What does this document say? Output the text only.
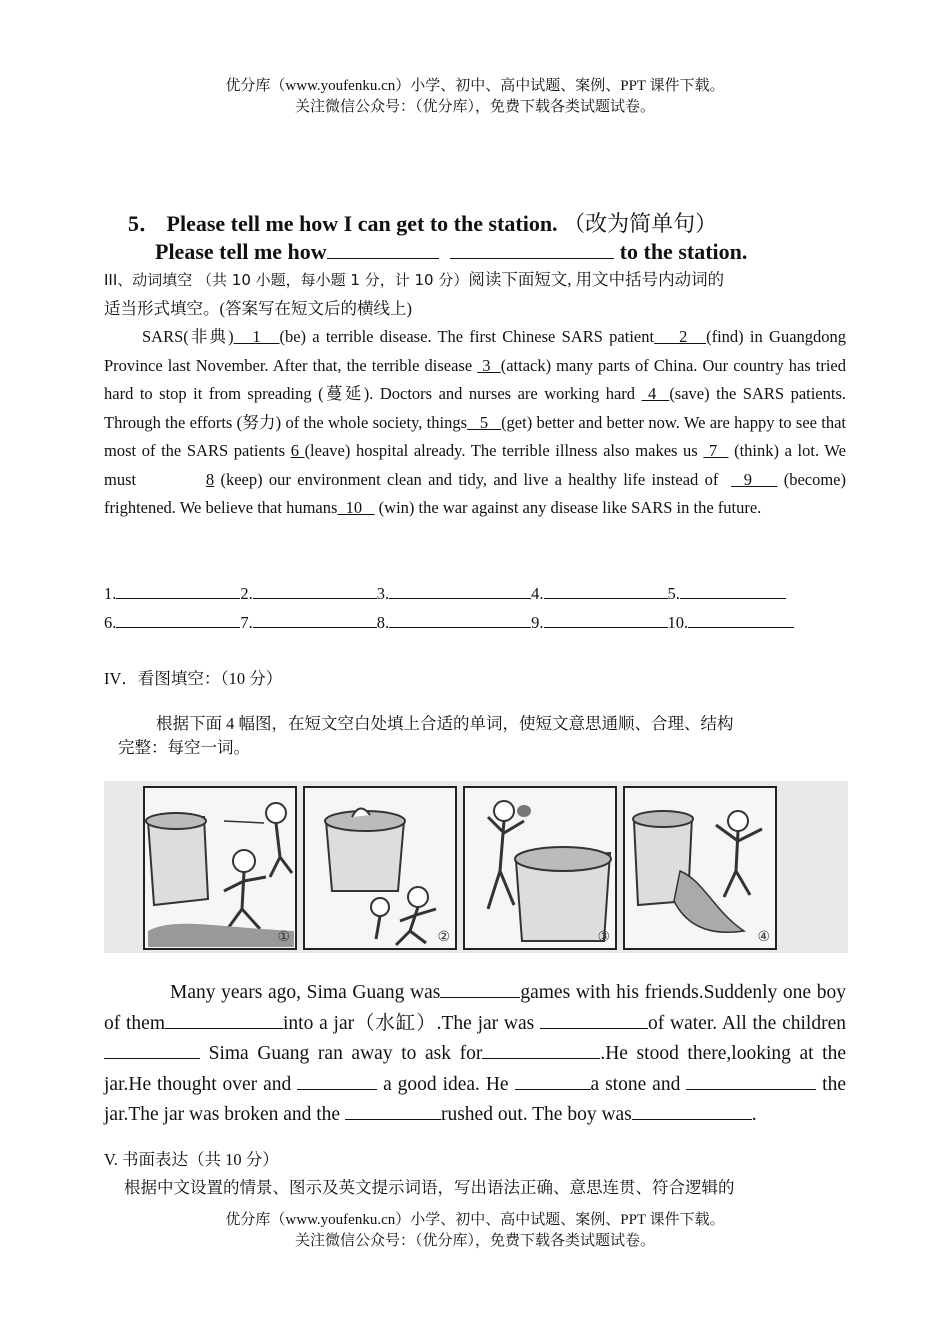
优分库（www.youfenku.cn）小学、初中、高中试题、案例、PPT 课件下载。
关注微信公众号：（优分库），免费下载各类试题试卷。
5． Please tell me how I can get to the station. （改为简单句）
Please tell me how	to the station.
III、动词填空 （共 10 小题，每小题 1 分，计 10 分）阅读下面短文, 用文中括号内动词的
适当形式填空。(答案写在短文后的横线上)
SARS(非典)   1   (be) a terrible disease. The first Chinese SARS patient    2   (find) in Guangdong Province last November. After that, the terrible disease  3  (attack) many parts of China. Our country has tried hard to stop it from spreading (蔓延). Doctors and nurses are working hard  4  (save) the SARS patients. Through the efforts (努力) of the whole society, things   5   (get) better and better now. We are happy to see that most of the SARS patients 6 (leave) hospital already. The terrible illness also makes us  7   (think) a lot. We must           8 (keep) our environment clean and tidy, and live a healthy life instead of    9     (become) frightened. We believe that humans  10    (win) the war against any disease like SARS in the future.
1.	2.	3.	4.	5.
6.	7.	8.	9.	10.
IV．看图填空：（10 分）
根据下面 4 幅图，在短文空白处填上合适的单词，使短文意思通顺、合理、结构
完整：每空一词。
①	②	③	④
Many years ago, Sima Guang was	games with his friends.Suddenly one boy of them	into a jar（水缸）.The jar was	of water. All the children  Sima Guang ran away to ask for	.He stood there,looking at the jar.He thought over and	a good idea. He	a stone and	the jar.The jar was broken and the	rushed out. The boy was	.
V. 书面表达（共 10 分）
根据中文设置的情景、图示及英文提示词语，写出语法正确、意思连贯、符合逻辑的
优分库（www.youfenku.cn）小学、初中、高中试题、案例、PPT 课件下载。
关注微信公众号：（优分库），免费下载各类试题试卷。
